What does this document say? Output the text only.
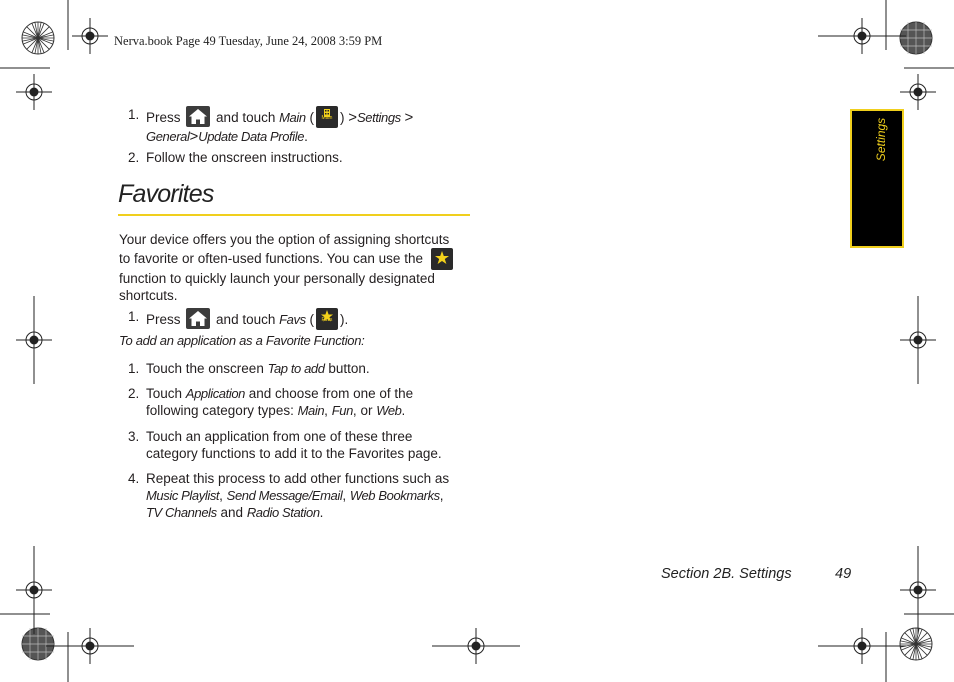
Nerva.book Page 49 Tuesday, June 24, 2008 3:59 PM
1. Press	and touch Main (	Main ) >Settings >
General>Update Data Profile.
2. Follow the onscreen instructions.
Favorites
Your device offers you the option of assigning shortcuts
to favorite or often-used functions. You can use the
function to quickly launch your personally designated
shortcuts.
1. Press	and touch Favs (	Favs ).
To add an application as a Favorite Function:
1. Touch the onscreen Tap to add button.
2. Touch Application and choose from one of the
following category types: Main, Fun, or Web.
3. Touch an application from one of these three
category functions to add it to the Favorites page.
4. Repeat this process to add other functions such as
Music Playlist, Send Message/Email, Web Bookmarks,
TV Channels and Radio Station.
Settings
Section 2B. Settings	49
